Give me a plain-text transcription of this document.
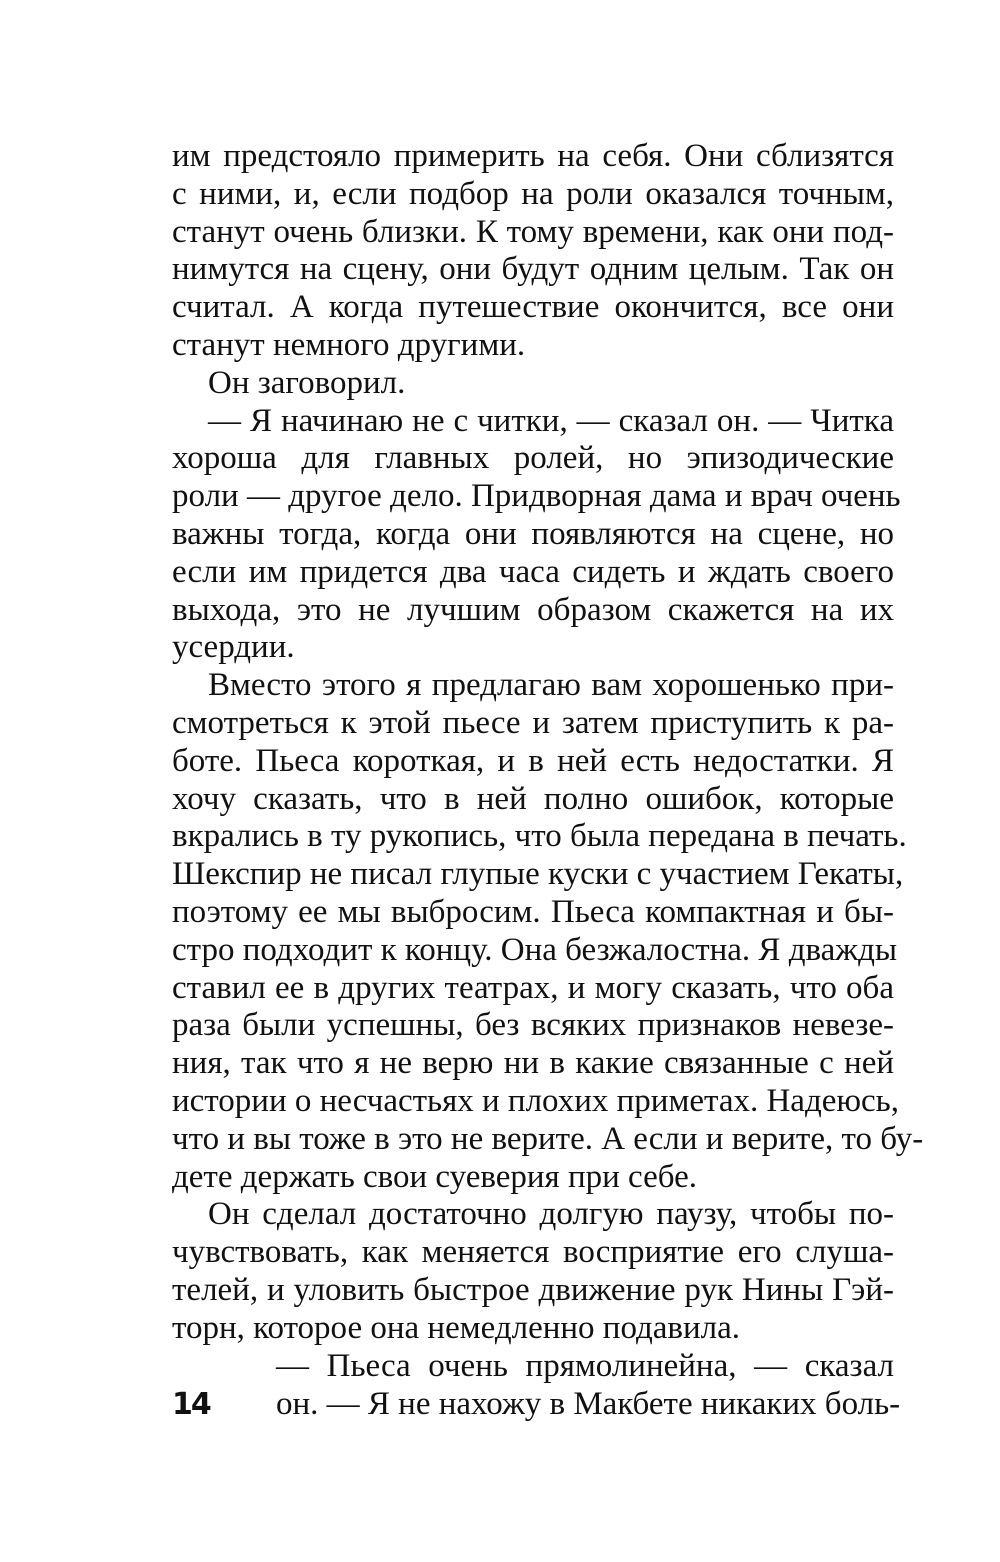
им предстояло примерить на себя. Они сблизятся
с ними, и, если подбор на роли оказался точным,
станут очень близки. К тому времени, как они под-
нимутся на сцену, они будут одним целым. Так он
считал. А когда путешествие окончится, все они
станут немного другими.
Он заговорил.
— Я начинаю не с читки, — сказал он. — Читка
хороша для главных ролей, но эпизодические
роли — другое дело. Придворная дама и врач очень
важны тогда, когда они появляются на сцене, но
если им придется два часа сидеть и ждать своего
выхода, это не лучшим образом скажется на их
усердии.
Вместо этого я предлагаю вам хорошенько при-
смотреться к этой пьесе и затем приступить к ра-
боте. Пьеса короткая, и в ней есть недостатки. Я
хочу сказать, что в ней полно ошибок, которые
вкрались в ту рукопись, что была передана в печать.
Шекспир не писал глупые куски с участием Гекаты,
поэтому ее мы выбросим. Пьеса компактная и бы-
стро подходит к концу. Она безжалостна. Я дважды
ставил ее в других театрах, и могу сказать, что оба
раза были успешны, без всяких признаков невезе-
ния, так что я не верю ни в какие связанные с ней
истории о несчастьях и плохих приметах. Надеюсь,
что и вы тоже в это не верите. А если и верите, то бу-
дете держать свои суеверия при себе.
Он сделал достаточно долгую паузу, чтобы по-
чувствовать, как меняется восприятие его слуша-
телей, и уловить быстрое движение рук Нины Гэй-
торн, которое она немедленно подавила.
— Пьеса очень прямолинейна, — сказал
14 он. — Я не нахожу в Макбете никаких боль-
